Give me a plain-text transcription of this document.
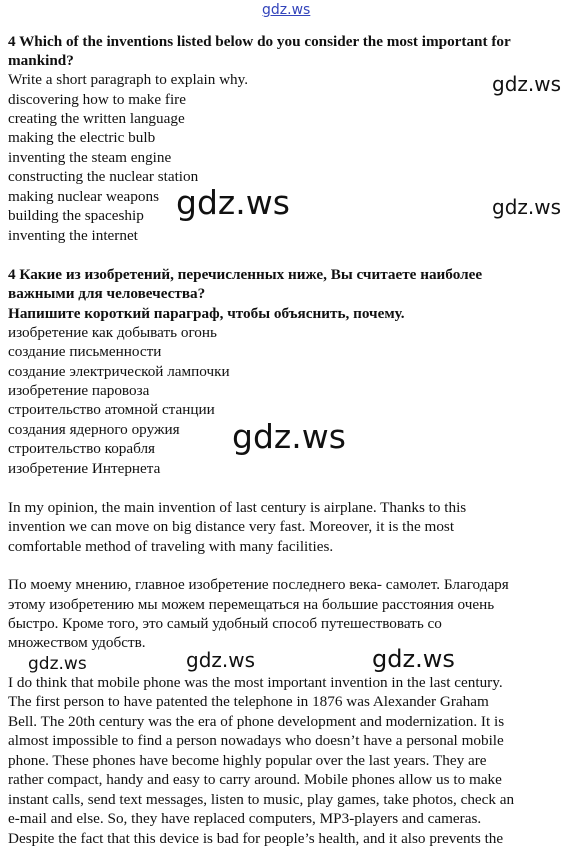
gdz.ws
4 Which of the inventions listed below do you consider the most important for
mankind?
Write a short paragraph to explain why.
discovering how to make fire
creating the written language
making the electric bulb
inventing the steam engine
constructing the nuclear station
making nuclear weapons
building the spaceship
inventing the internet
4 Какие из изобретений, перечисленных ниже, Вы считаете наиболее
важными для человечества?
Напишите короткий параграф, чтобы объяснить, почему.
изобретение как добывать огонь
создание письменности
создание электрической лампочки
изобретение паровоза
строительство атомной станции
создания ядерного оружия
строительство корабля
изобретение Интернета
In my opinion, the main invention of last century is airplane. Thanks to this
invention we can move on big distance very fast. Moreover, it is the most
comfortable method of traveling with many facilities.
По моему мнению, главное изобретение последнего века- самолет. Благодаря
этому изобретению мы можем перемещаться на большие расстояния очень
быстро. Кроме того, это самый удобный способ путешествовать со
множеством удобств.
I do think that mobile phone was the most important invention in the last century.
The first person to have patented the telephone in 1876 was Alexander Graham
Bell. The 20th century was the era of phone development and modernization. It is
almost impossible to find a person nowadays who doesn’t have a personal mobile
phone. These phones have become highly popular over the last years. They are
rather compact, handy and easy to carry around. Mobile phones allow us to make
instant calls, send text messages, listen to music, play games, take photos, check an
e-mail and else. So, they have replaced computers, MP3-players and cameras.
Despite the fact that this device is bad for people’s health, and it also prevents the
gdz.ws
gdz.ws	gdz.ws
gdz.ws
gdz.ws	gdz.ws	gdz.ws
